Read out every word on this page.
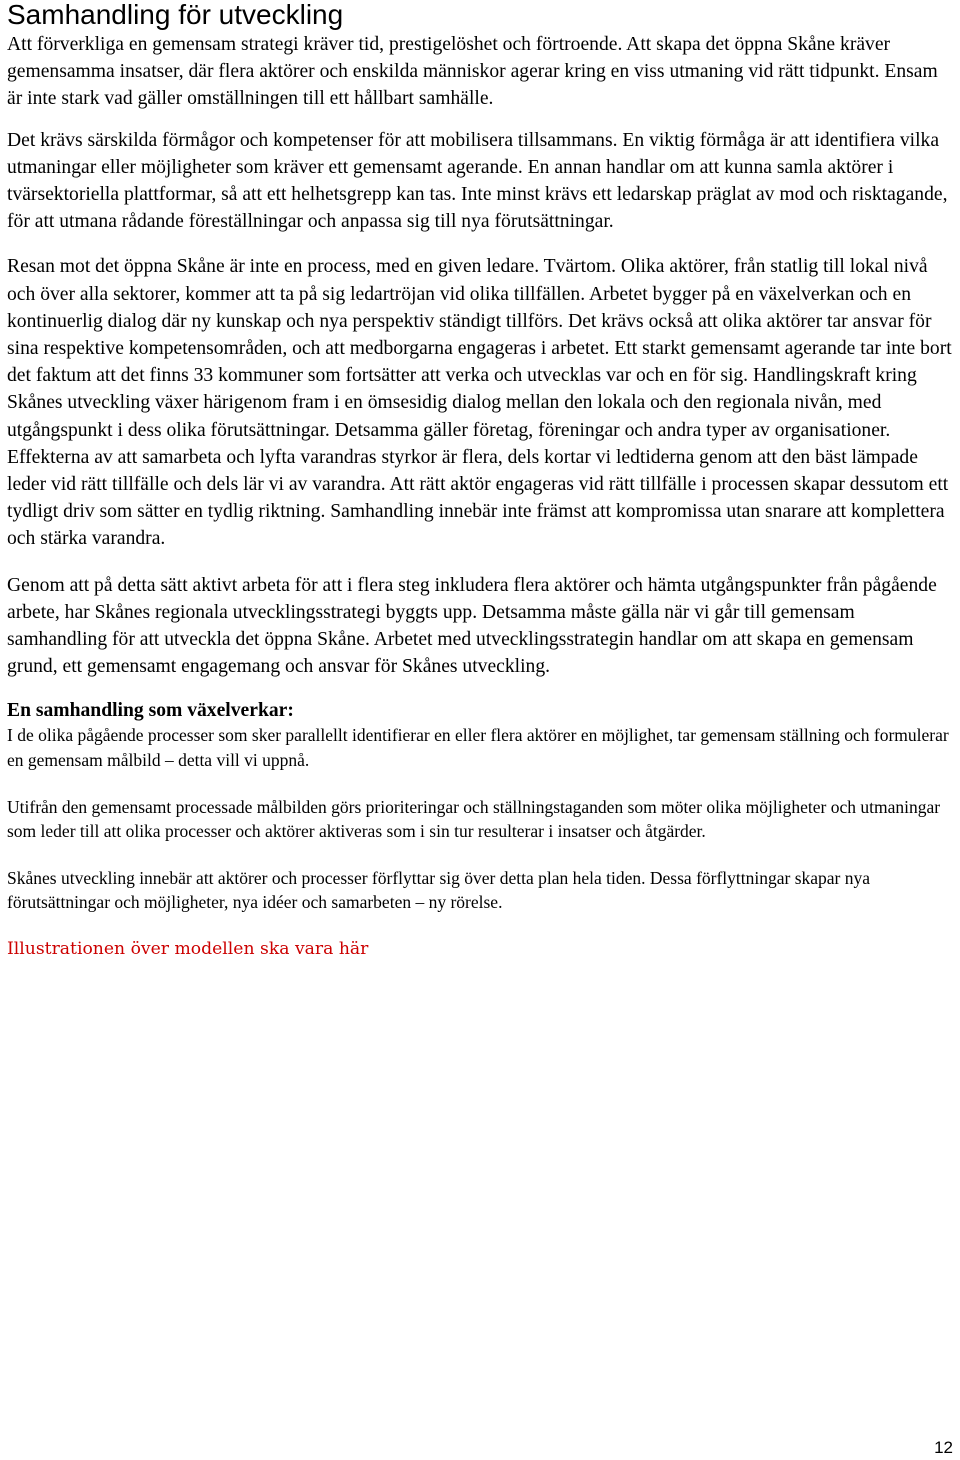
Samhandling för utveckling

Att förverkliga en gemensam strategi kräver tid, prestigelöshet och förtroende. Att skapa det öppna Skåne kräver gemensamma insatser, där flera aktörer och enskilda människor agerar kring en viss utmaning vid rätt tidpunkt. Ensam är inte stark vad gäller omställningen till ett hållbart samhälle.

Det krävs särskilda förmågor och kompetenser för att mobilisera tillsammans. En viktig förmåga är att identifiera vilka utmaningar eller möjligheter som kräver ett gemensamt agerande. En annan handlar om att kunna samla aktörer i tvärsektoriella plattformar, så att ett helhetsgrepp kan tas. Inte minst krävs ett ledarskap präglat av mod och risktagande, för att utmana rådande föreställningar och anpassa sig till nya förutsättningar.

Resan mot det öppna Skåne är inte en process, med en given ledare. Tvärtom. Olika aktörer, från statlig till lokal nivå och över alla sektorer, kommer att ta på sig ledartröjan vid olika tillfällen. Arbetet bygger på en växelverkan och en kontinuerlig dialog där ny kunskap och nya perspektiv ständigt tillförs. Det krävs också att olika aktörer tar ansvar för sina respektive kompetensområden, och att medborgarna engageras i arbetet. Ett starkt gemensamt agerande tar inte bort det faktum att det finns 33 kommuner som fortsätter att verka och utvecklas var och en för sig. Handlingskraft kring Skånes utveckling växer härigenom fram i en ömsesidig dialog mellan den lokala och den regionala nivån, med utgångspunkt i dess olika förutsättningar. Detsamma gäller företag, föreningar och andra typer av organisationer. Effekterna av att samarbeta och lyfta varandras styrkor är flera, dels kortar vi ledtiderna genom att den bäst lämpade leder vid rätt tillfälle och dels lär vi av varandra. Att rätt aktör engageras vid rätt tillfälle i processen skapar dessutom ett tydligt driv som sätter en tydlig riktning. Samhandling innebär inte främst att kompromissa utan snarare att komplettera och stärka varandra.

Genom att på detta sätt aktivt arbeta för att i flera steg inkludera flera aktörer och hämta utgångspunkter från pågående arbete, har Skånes regionala utvecklingsstrategi byggts upp. Detsamma måste gälla när vi går till gemensam samhandling för att utveckla det öppna Skåne. Arbetet med utvecklingsstrategin handlar om att skapa en gemensam grund, ett gemensamt engagemang och ansvar för Skånes utveckling.

En samhandling som växelverkar:

I de olika pågående processer som sker parallellt identifierar en eller flera aktörer en möjlighet, tar gemensam ställning och formulerar en gemensam målbild – detta vill vi uppnå.

Utifrån den gemensamt processade målbilden görs prioriteringar och ställningstaganden som möter olika möjligheter och utmaningar som leder till att olika processer och aktörer aktiveras som i sin tur resulterar i insatser och åtgärder.

Skånes utveckling innebär att aktörer och processer förflyttar sig över detta plan hela tiden. Dessa förflyttningar skapar nya förutsättningar och möjligheter, nya idéer och samarbeten – ny rörelse.

Illustrationen över modellen ska vara här

12
